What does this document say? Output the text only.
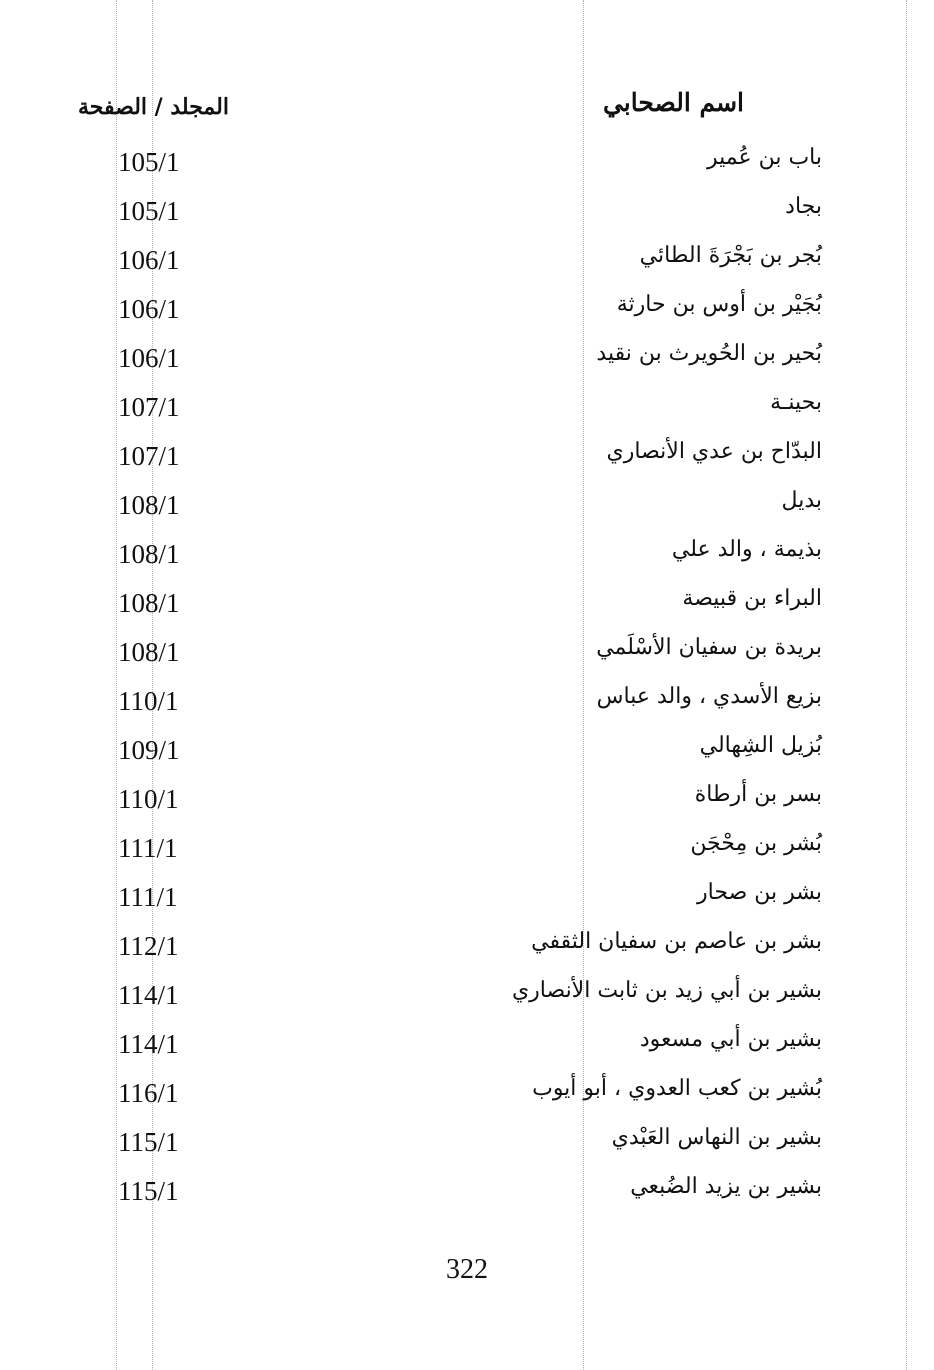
اسم الصحابي
المجلد / الصفحة
باب بن عُمير
105/1
بجاد
105/1
بُجر بن بَجْرَةَ الطائي
106/1
بُجَيْر بن أوس بن حارثة
106/1
بُحير بن الحُويرث بن نقيد
106/1
بحينـة
107/1
البدّاح بن عدي الأنصاري
107/1
بديل
108/1
بذيمة ، والد علي
108/1
البراء بن قبيصة
108/1
بريدة بن سفيان الأسْلَمي
108/1
بزيع الأسدي ، والد عباس
110/1
بُزيل الشِهالي
109/1
بسر بن أرطاة
110/1
بُشر بن مِحْجَن
111/1
بشر بن صحار
111/1
بشر بن عاصم بن سفيان الثقفي
112/1
بشير بن أبي زيد بن ثابت الأنصاري
114/1
بشير بن أبي مسعود
114/1
بُشير بن كعب العدوي ، أبو أيوب
116/1
بشير بن النهاس العَبْدي
115/1
بشير بن يزيد الضُبعي
115/1
322
